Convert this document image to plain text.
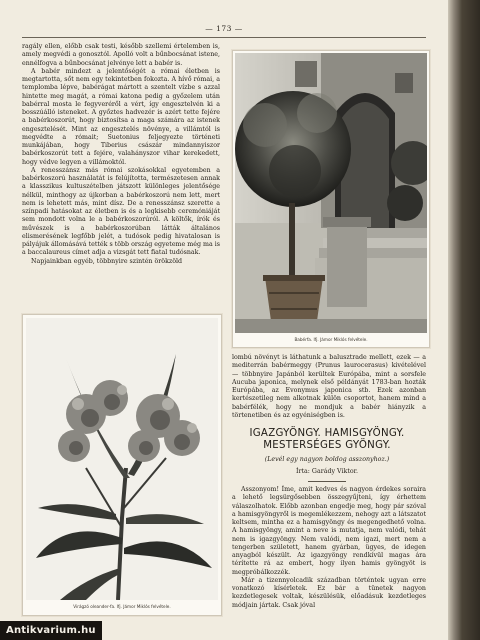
— 173 —

ragály ellen, előbb csak testi, később szellemi értelemben is, amely megvédi a gonosztól. Apolló volt a bűnbocsánat istene, ennélfogva a bűnbocsánat jelvénye lett a babér is.

A babér mindezt a jelentőségét a római életben is megtartotta, sőt nem egy tekintetben fokozta. A hívő római, a templomba lépve, babérágat mártott a szentelt vízbe s azzal hintette meg magát, a római katona pedig a győzelem után babérral mosta le fegyveréről a vért, így engesztelvén ki a bosszúálló isteneket. A győztes hadvezér is azért tette fejére a babérkoszorút, hogy biztosítsa a maga számára az istenek engesztelését. Mint az engesztelés növénye, a villámtól is megvédte a rómait; Suetonius feljegyezte történeti munkájában, hogy Tiberius császár mindannyiszor babérkoszorút tett a fejére, valahányszor vihar kerekedett, hogy védve legyen a villámoktól.

A renesszánsz más római szokásokkal egyetemben a babérkoszorú használatát is felújította, természetesen annak a klasszikus kultuszételben játszott különleges jelentősége nélkül, minthogy az újkorban a babérkoszorú nem lett, mert nem is lehetett más, mint dísz. De a renesszánsz szerette a színpadi hatásokat az életben is és a legkisebb ceremóniáját sem mondott volna le a babérkoszorúról. A költők, írók és művészek is a babérkoszorúban látták általános elismerésének legfőbb jelét, a tudósok pedig hivatalosan is pályájuk állomásává tették s több ország egyeteme még ma is a baccalaureus címet adja a vizsgát tett fiatal tudósnak.

Napjainkban egyéb, többnyire szintén örökzöld

Babérfa. Ifj. Jámor Miklós felvétele.
Virágzó oleander-fa. Ifj. Jámor Miklós felvétele.

lombú növényt is láthatunk a balusztrade mellett, ezek — a mediterrán babérmeggy (Prunus laurocerasus) kivételével — többnyire Japánból kerültek Európába, mint a sorsfele Aucuba japonica, melynek első példányát 1783-ban hozták Európába, az Evonymus japonica stb. Ezek azonban kertészetileg nem alkotnak külön csoportot, hanem mind a babérfélék, hogy ne mondjuk a babér hiányzik a törtenetiben és az egyéniségben is.

IGAZGYÖNGY. HAMISGYÖNGY.
MESTERSÉGES GYÖNGY.
(Levél egy nagyon boldog asszonyhoz.)
Írta: Garády Viktor.

Asszonyom! Íme, amit kedves és nagyon érdekes soraira a lehető legsürgősebben összegyűjteni, így érhettem válaszolhatok. Előbb azonban engedje meg, hogy pár szóval a hamisgyöngyről is megemlékezzem, nehogy azt a látszatot keltsem, mintha ez a hamisgyöngy és megengedhető volna. A hamisgyöngy, amint a neve is mutatja, nem valódi, tehát nem is igazgyöngy. Nem valódi, nem igazi, mert nem a tengerben született, hanem gyárban, ügyes, de idegen anyagból készült. Az igazgyöngy rendkívül magas ára térítette rá az embert, hogy ilyen hamis gyöngyöt is megpróbálkozzék.

Már a tizennyolcadik században történtek ugyan erre vonatkozó kísérletek. Ez bár a tünetek nagyon kezdetlegesek voltak, készülésük, előadásuk kezdetleges módjain jártak. Csak jóval

Antikvarium.hu
